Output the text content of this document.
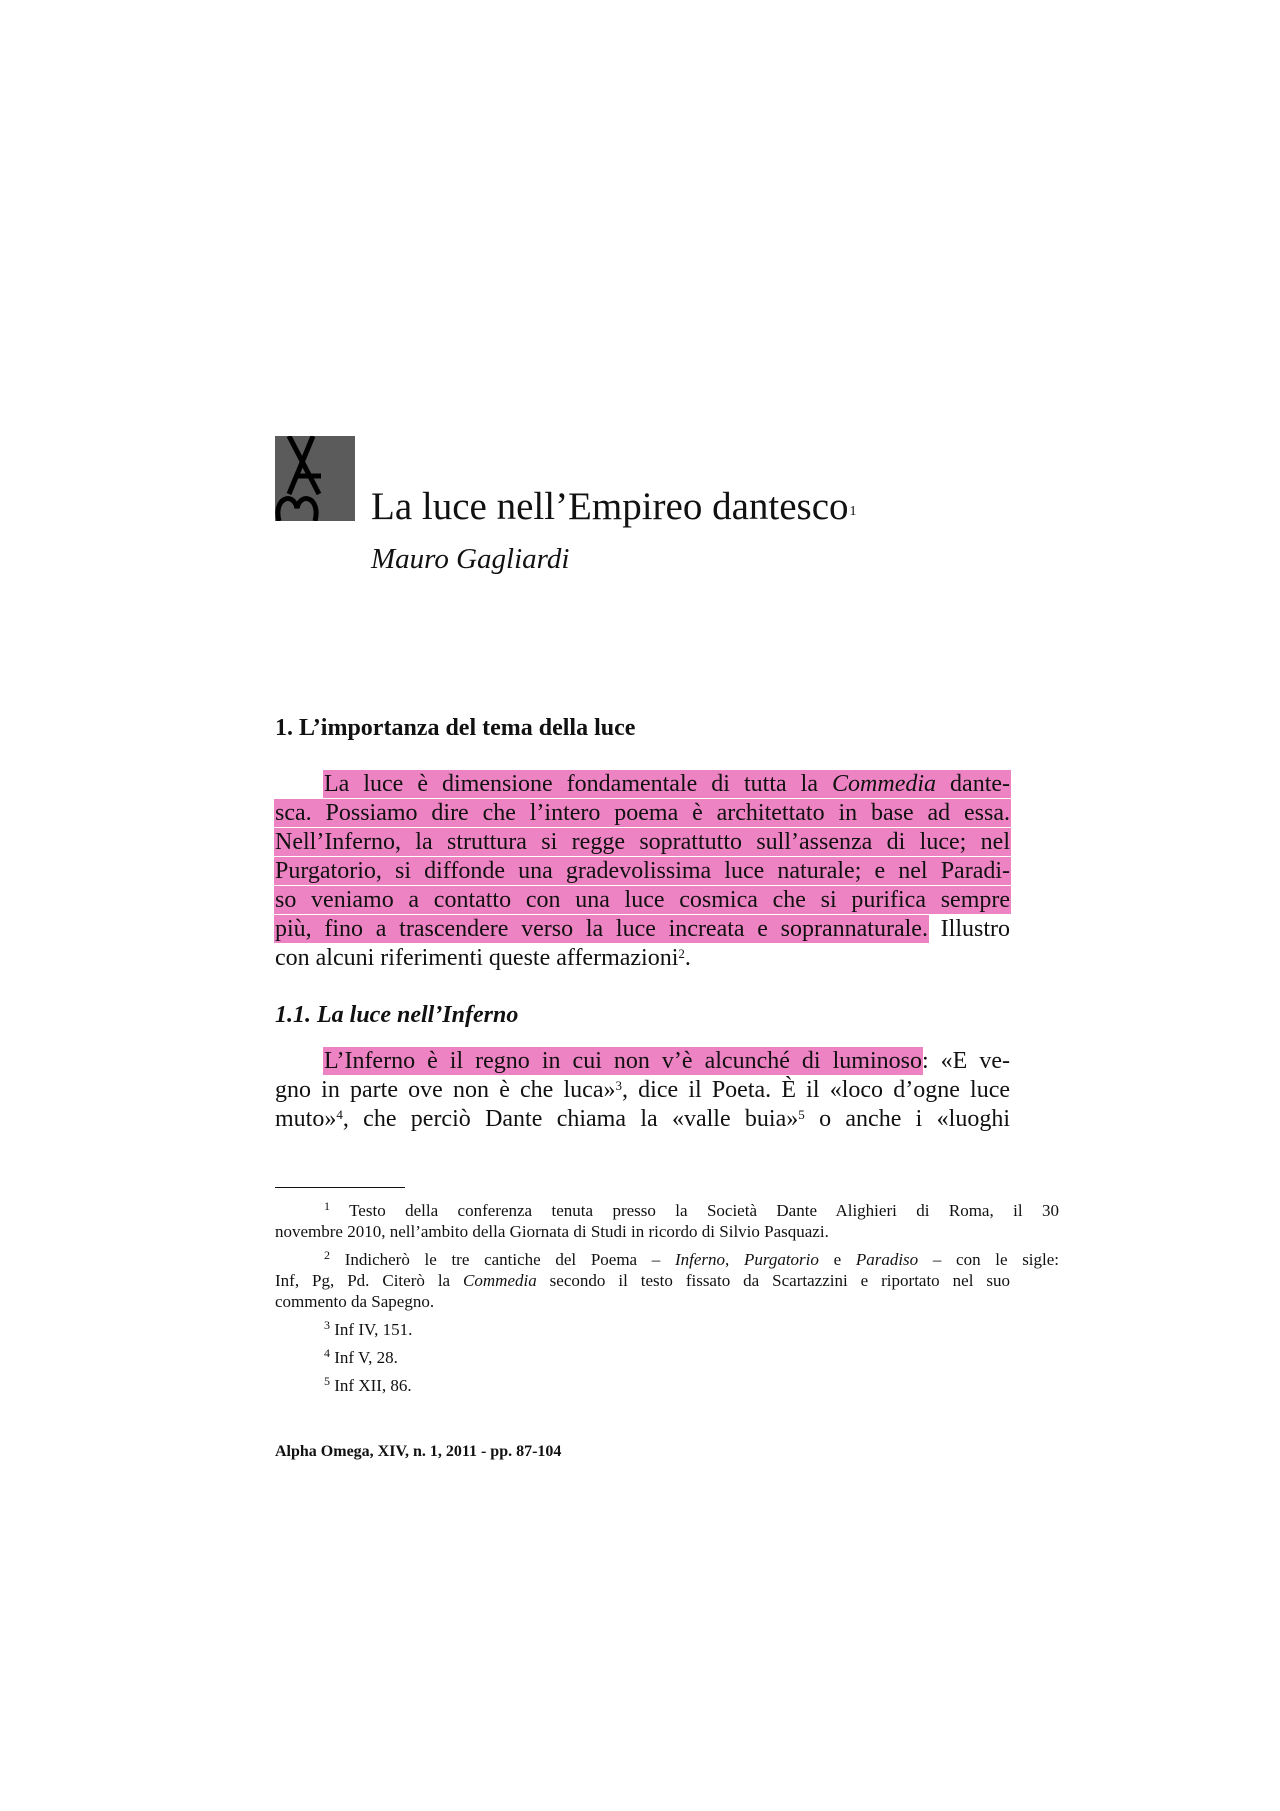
La luce nell’Empireo dantesco$^1$
Mauro Gagliardi
1. L’importanza del tema della luce
La luce è dimensione fondamentale di tutta la Commedia dante-
sca. Possiamo dire che l’intero poema è architettato in base ad essa.
Nell’Inferno, la struttura si regge soprattutto sull’assenza di luce; nel
Purgatorio, si diffonde una gradevolissima luce naturale; e nel Paradi-
so veniamo a contatto con una luce cosmica che si purifica sempre
più, fino a trascendere verso la luce increata e soprannaturale. Illustro
con alcuni riferimenti queste affermazioni$^2$.
1.1. La luce nell’Inferno
L’Inferno è il regno in cui non v’è alcunché di luminoso: «E ve-
gno in parte ove non è che luca»$^3$, dice il Poeta. È il «loco d’ogne luce
muto»$^4$, che perciò Dante chiama la «valle buia»$^5$ o anche i «luoghi
$^1$ Testo della conferenza tenuta presso la Società Dante Alighieri di Roma, il 30
novembre 2010, nell’ambito della Giornata di Studi in ricordo di Silvio Pasquazi.
$^2$ Indicherò le tre cantiche del Poema – Inferno, Purgatorio e Paradiso – con le sigle:
Inf, Pg, Pd. Citerò la Commedia secondo il testo fissato da Scartazzini e riportato nel suo
commento da Sapegno.
$^3$ Inf IV, 151.
$^4$ Inf V, 28.
$^5$ Inf XII, 86.
Alpha Omega, XIV, n. 1, 2011 - pp. 87-104
